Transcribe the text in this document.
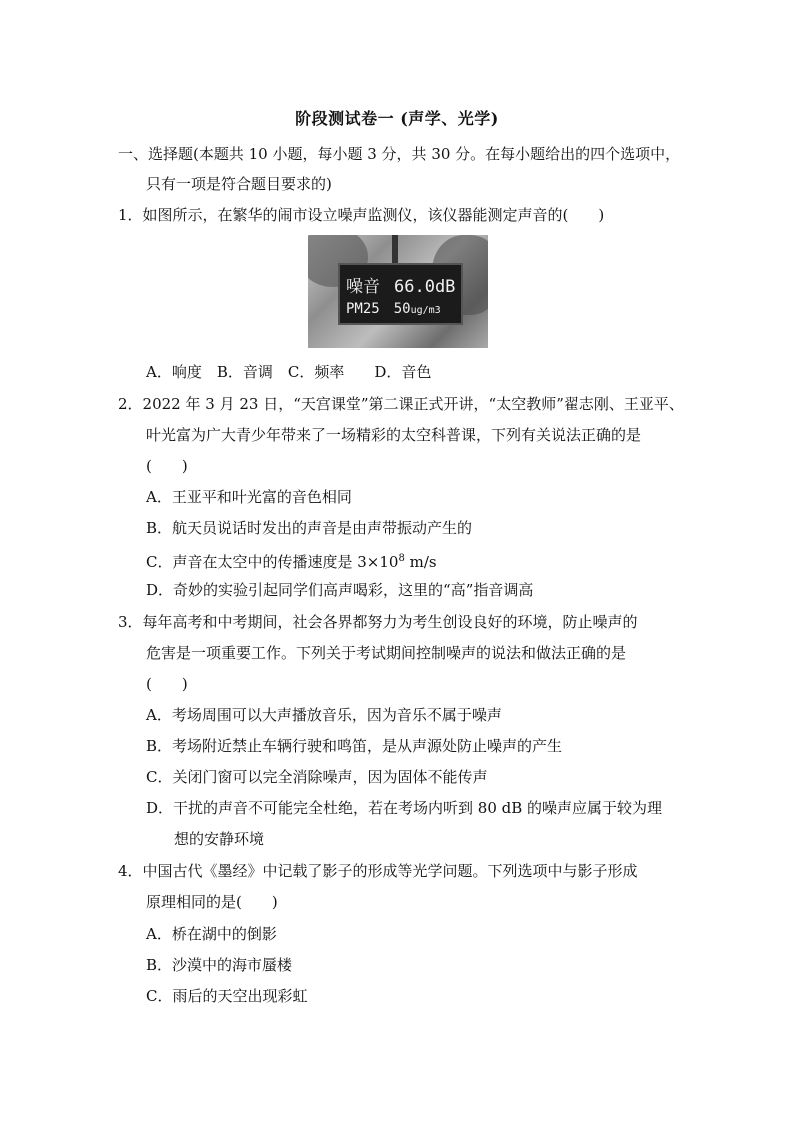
阶段测试卷一 (声学、光学)
一、选择题(本题共 10 小题，每小题 3 分，共 30 分。在每小题给出的四个选项中，
只有一项是符合题目要求的)
1．如图所示，在繁华的闹市设立噪声监测仪，该仪器能测定声音的(　　)
噪音 66.0dB
PM25 50ug/m3
A．响度　B．音调　C．频率　　D．音色
2．2022 年 3 月 23 日，“天宫课堂”第二课正式开讲，“太空教师”翟志刚、王亚平、
叶光富为广大青少年带来了一场精彩的太空科普课，下列有关说法正确的是
(　　)
A．王亚平和叶光富的音色相同
B．航天员说话时发出的声音是由声带振动产生的
C．声音在太空中的传播速度是 $3\times 10^8$ m/s
D．奇妙的实验引起同学们高声喝彩，这里的“高”指音调高
3．每年高考和中考期间，社会各界都努力为考生创设良好的环境，防止噪声的
危害是一项重要工作。下列关于考试期间控制噪声的说法和做法正确的是
(　　)
A．考场周围可以大声播放音乐，因为音乐不属于噪声
B．考场附近禁止车辆行驶和鸣笛，是从声源处防止噪声的产生
C．关闭门窗可以完全消除噪声，因为固体不能传声
D．干扰的声音不可能完全杜绝，若在考场内听到 80 dB 的噪声应属于较为理
想的安静环境
4．中国古代《墨经》中记载了影子的形成等光学问题。下列选项中与影子形成
原理相同的是(　　)
A．桥在湖中的倒影
B．沙漠中的海市蜃楼
C．雨后的天空出现彩虹
